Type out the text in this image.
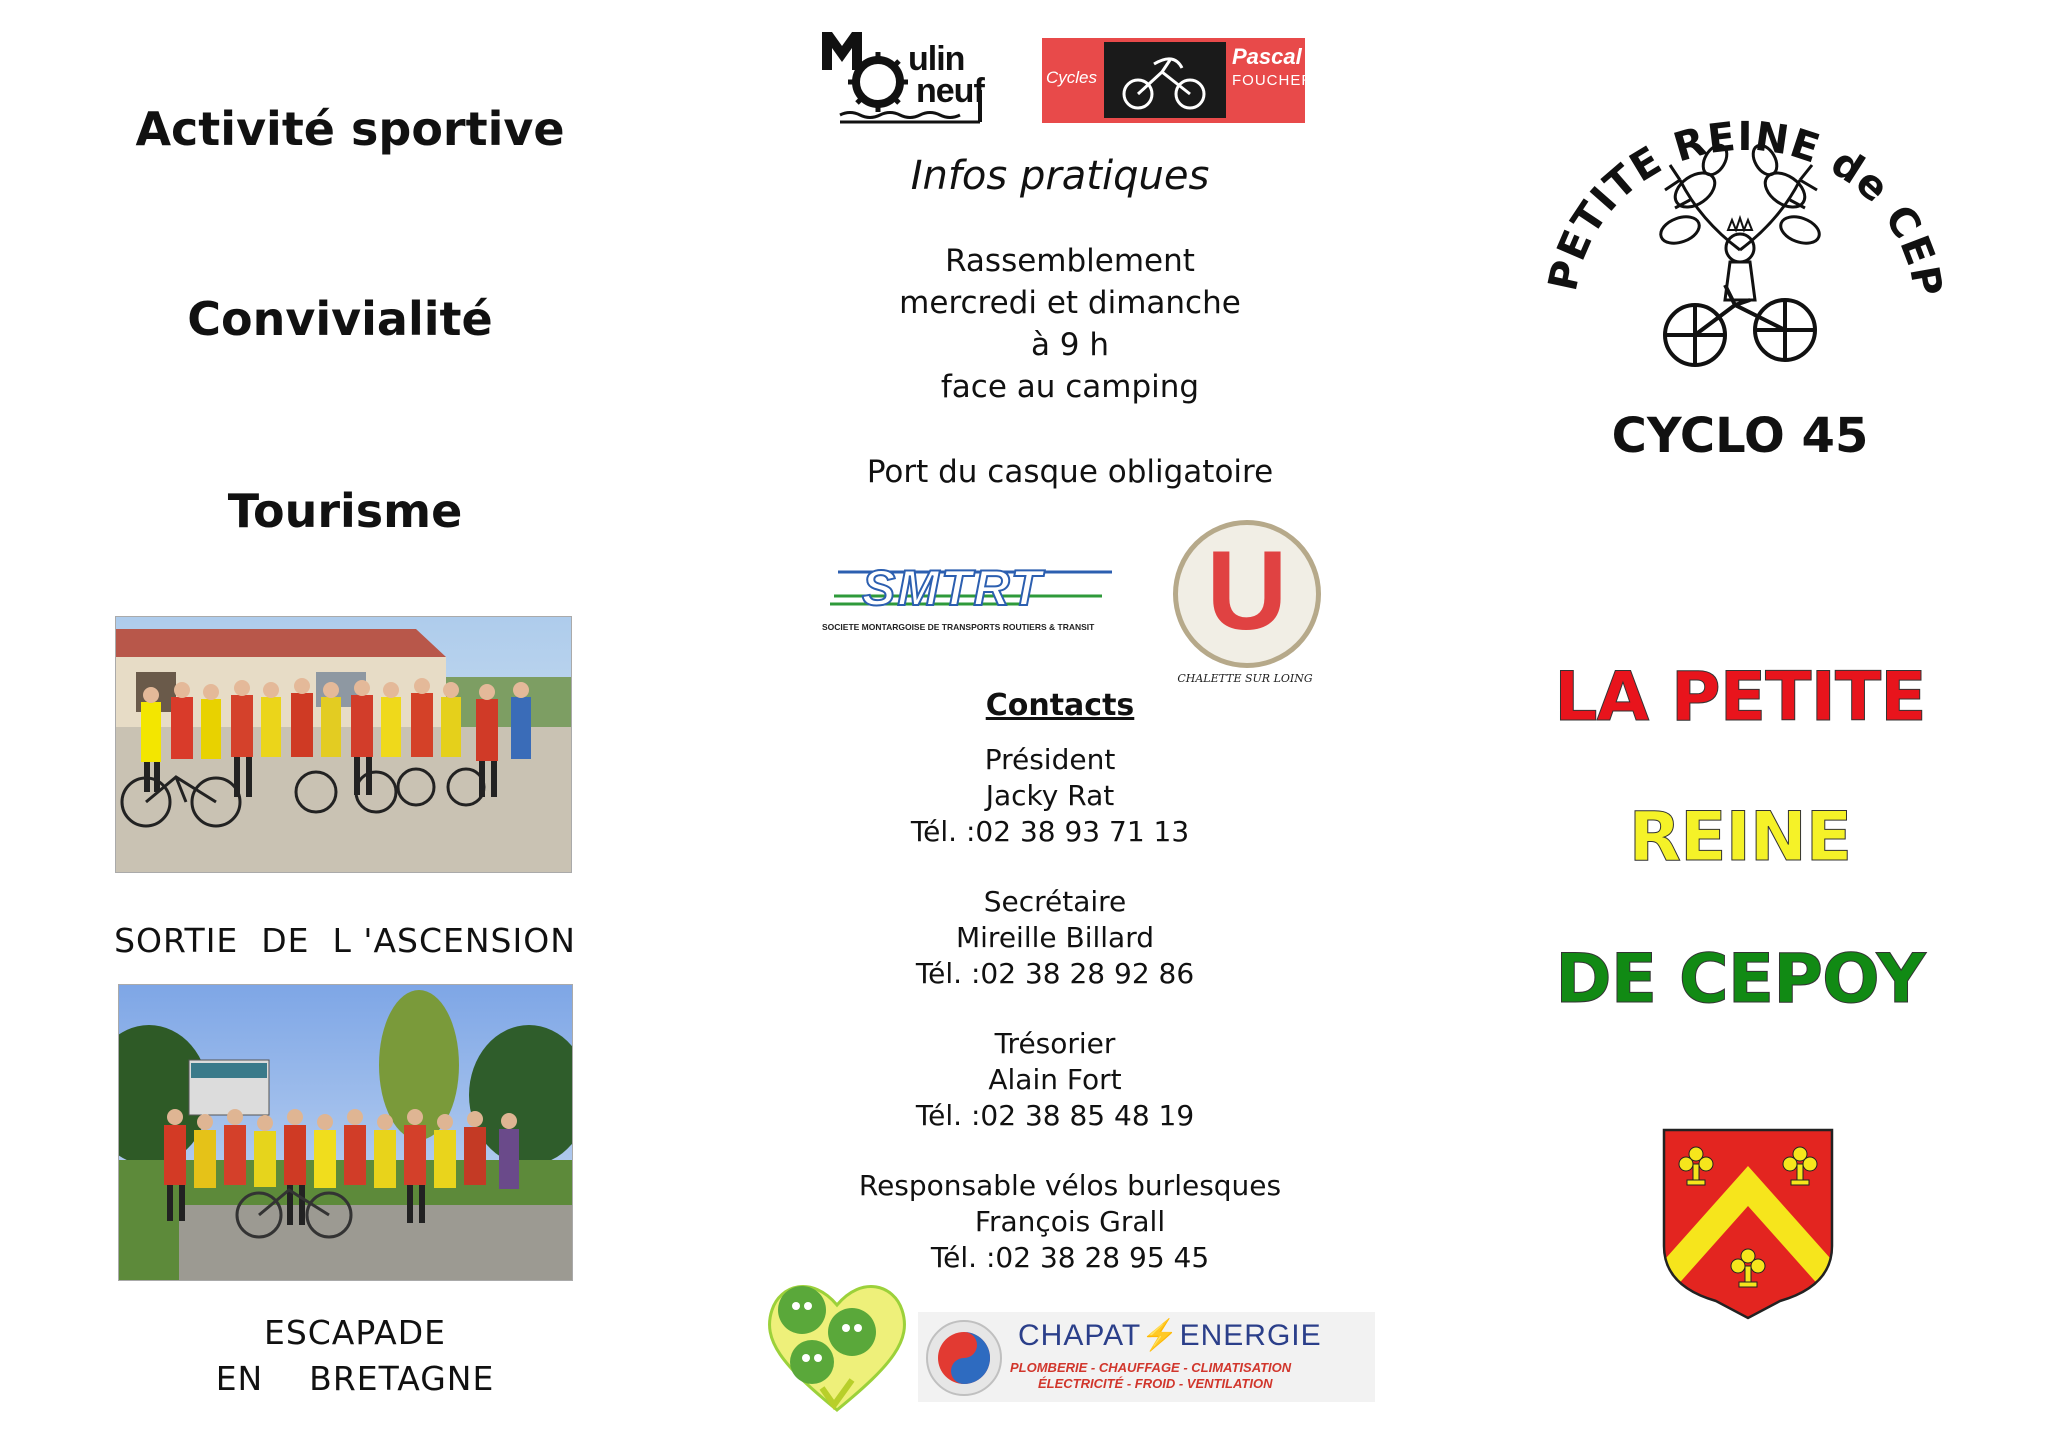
Activité sportive
Convivialité
Tourisme
SORTIE  DE  L 'ASCENSION
ESCAPADE
EN    BRETAGNE
ulin
neuf	Cycles
Pascal
FOUCHER
Infos pratiques
Rassemblement
mercredi et dimanche
à 9 h
face au camping
Port du casque obligatoire
SMTRT
SOCIETE MONTARGOISE DE TRANSPORTS ROUTIERS & TRANSIT U
CHALETTE SUR LOING
Contacts
Président
Jacky Rat
Tél. :02 38 93 71 13
Secrétaire
Mireille Billard
Tél. :02 38 28 92 86
Trésorier
Alain Fort
Tél. :02 38 85 48 19
Responsable vélos burlesques
François Grall
Tél. :02 38 28 95 45
CHAPAT⚡ENERGIE
PLOMBERIE - CHAUFFAGE - CLIMATISATION
ÉLECTRICITÉ - FROID - VENTILATION
PETITE REINE de CEP
CYCLO 45
LA PETITE
REINE
DE CEPOY
